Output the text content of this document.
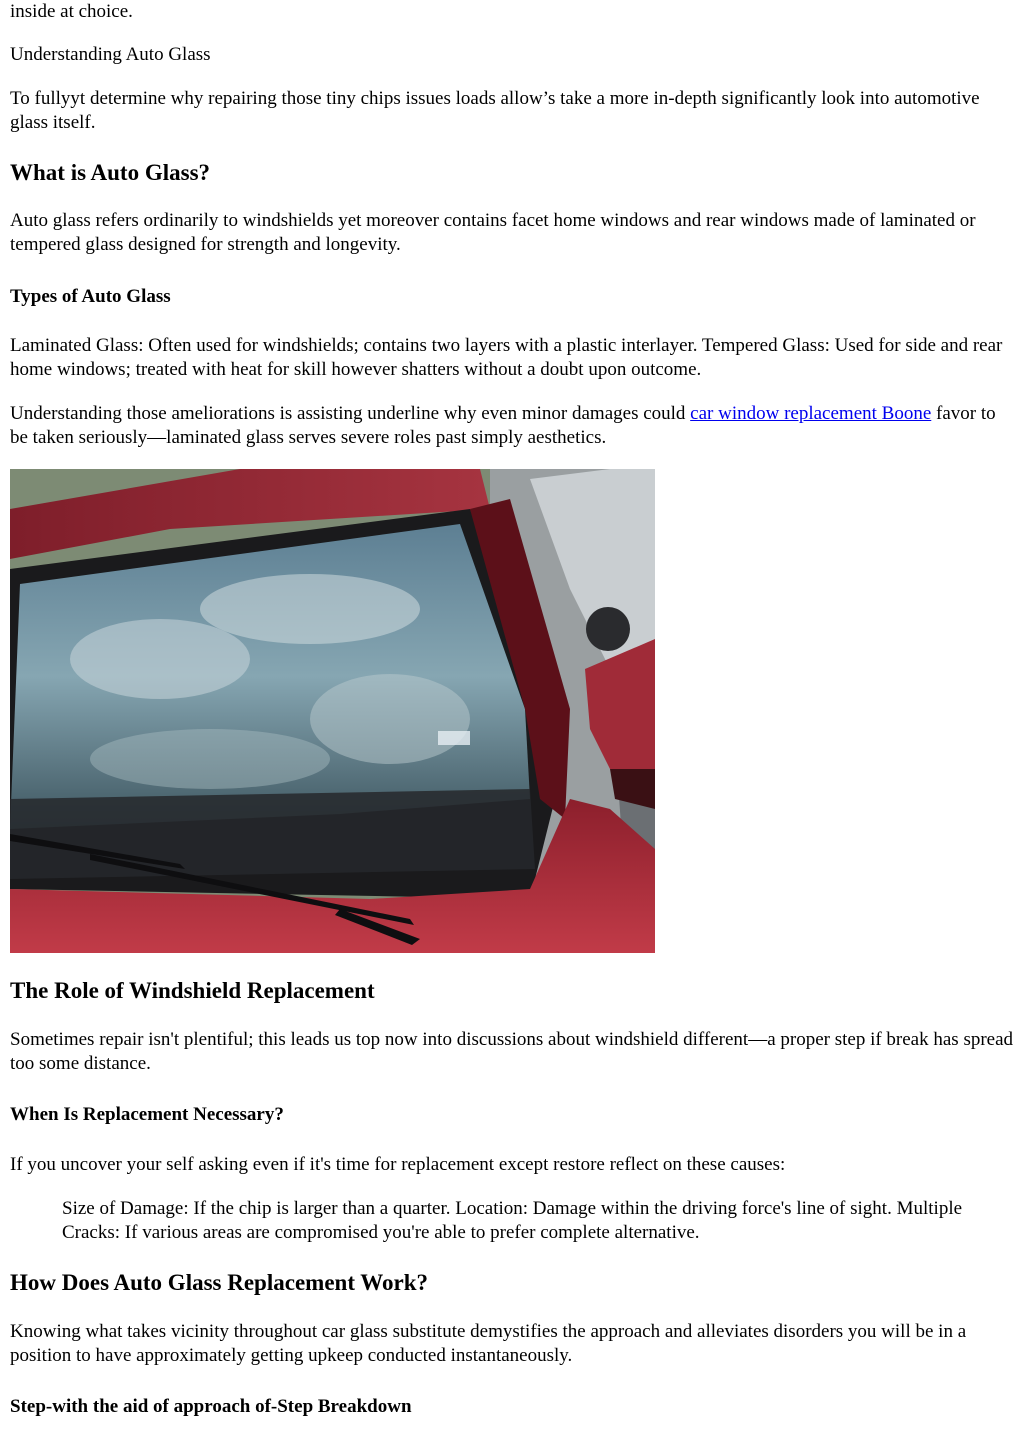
inside at choice.

Understanding Auto Glass

To fullyyt determine why repairing those tiny chips issues loads allow’s take a more in-depth significantly look into automotive glass itself.

What is Auto Glass?

Auto glass refers ordinarily to windshields yet moreover contains facet home windows and rear windows made of laminated or tempered glass designed for strength and longevity.

Types of Auto Glass

Laminated Glass: Often used for windshields; contains two layers with a plastic interlayer. Tempered Glass: Used for side and rear home windows; treated with heat for skill however shatters without a doubt upon outcome.

Understanding those ameliorations is assisting underline why even minor damages could car window replacement Boone favor to be taken seriously—laminated glass serves severe roles past simply aesthetics.

The Role of Windshield Replacement

Sometimes repair isn't plentiful; this leads us top now into discussions about windshield different—a proper step if break has spread too some distance.

When Is Replacement Necessary?

If you uncover your self asking even if it's time for replacement except restore reflect on these causes:

Size of Damage: If the chip is larger than a quarter. Location: Damage within the driving force's line of sight. Multiple Cracks: If various areas are compromised you're able to prefer complete alternative.

How Does Auto Glass Replacement Work?

Knowing what takes vicinity throughout car glass substitute demystifies the approach and alleviates disorders you will be in a position to have approximately getting upkeep conducted instantaneously.

Step-with the aid of approach of-Step Breakdown
